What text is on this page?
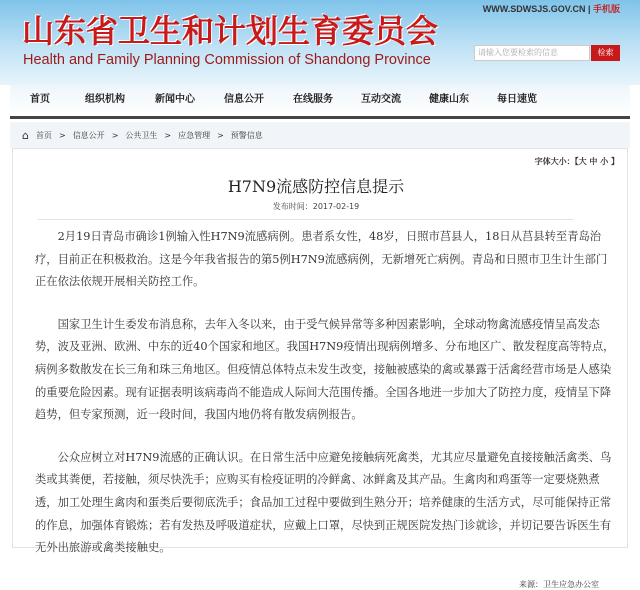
山东省卫生和计划生育委员会
Health and Family Planning Commission of Shandong Province
WWW.SDWSJS.GOV.CN | 手机版
请输入您要检索的信息	检索
首页	组织机构	新闻中心	信息公开	在线服务	互动交流	健康山东	每日速览
⌂ 首页 > 信息公开 > 公共卫生 > 应急管理 > 预警信息
字体大小：【大 中 小 】
H7N9流感防控信息提示
发布时间：2017-02-19

2月19日青岛市确诊1例输入性H7N9流感病例。患者系女性，48岁，日照市莒县人，18日从莒县转至青岛治疗，目前正在积极救治。这是今年我省报告的第5例H7N9流感病例，无新增死亡病例。青岛和日照市卫生计生部门正在依法依规开展相关防控工作。

国家卫生计生委发布消息称，去年入冬以来，由于受气候异常等多种因素影响，全球动物禽流感疫情呈高发态势，波及亚洲、欧洲、中东的近40个国家和地区。我国H7N9疫情出现病例增多、分布地区广、散发程度高等特点，病例多数散发在长三角和珠三角地区。但疫情总体特点未发生改变，接触被感染的禽或暴露于活禽经营市场是人感染的重要危险因素。现有证据表明该病毒尚不能造成人际间大范围传播。全国各地进一步加大了防控力度，疫情呈下降趋势，但专家预测，近一段时间，我国内地仍将有散发病例报告。

公众应树立对H7N9流感的正确认识。在日常生活中应避免接触病死禽类，尤其应尽量避免直接接触活禽类、鸟类或其粪便，若接触，须尽快洗手；应购买有检疫证明的冷鲜禽、冰鲜禽及其产品。生禽肉和鸡蛋等一定要烧熟煮透，加工处理生禽肉和蛋类后要彻底洗手；食品加工过程中要做到生熟分开；培养健康的生活方式，尽可能保持正常的作息，加强体育锻炼；若有发热及呼吸道症状，应戴上口罩，尽快到正规医院发热门诊就诊，并切记要告诉医生有无外出旅游或禽类接触史。

来源：卫生应急办公室
